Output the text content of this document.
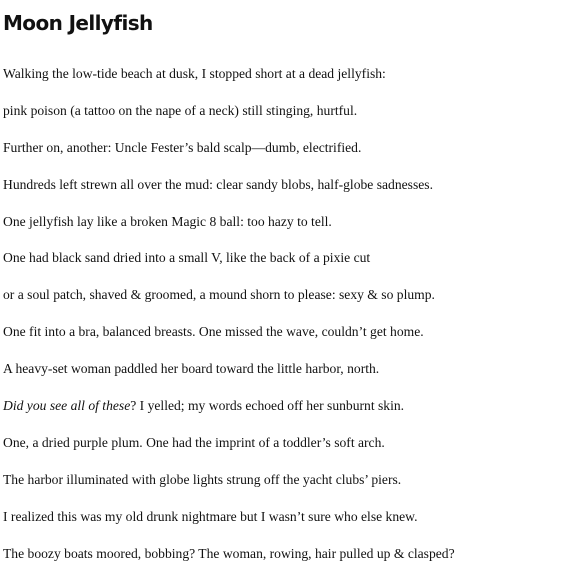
Moon Jellyfish

Walking the low-tide beach at dusk, I stopped short at a dead jellyfish:

pink poison (a tattoo on the nape of a neck) still stinging, hurtful.

Further on, another: Uncle Fester’s bald scalp—dumb, electrified.

Hundreds left strewn all over the mud: clear sandy blobs, half-globe sadnesses.

One jellyfish lay like a broken Magic 8 ball: too hazy to tell.

One had black sand dried into a small V, like the back of a pixie cut

or a soul patch, shaved & groomed, a mound shorn to please: sexy & so plump.

One fit into a bra, balanced breasts. One missed the wave, couldn’t get home.

A heavy-set woman paddled her board toward the little harbor, north.

Did you see all of these? I yelled; my words echoed off her sunburnt skin.

One, a dried purple plum. One had the imprint of a toddler’s soft arch.

The harbor illuminated with globe lights strung off the yacht clubs’ piers.

I realized this was my old drunk nightmare but I wasn’t sure who else knew.

The boozy boats moored, bobbing? The woman, rowing, hair pulled up & clasped?
